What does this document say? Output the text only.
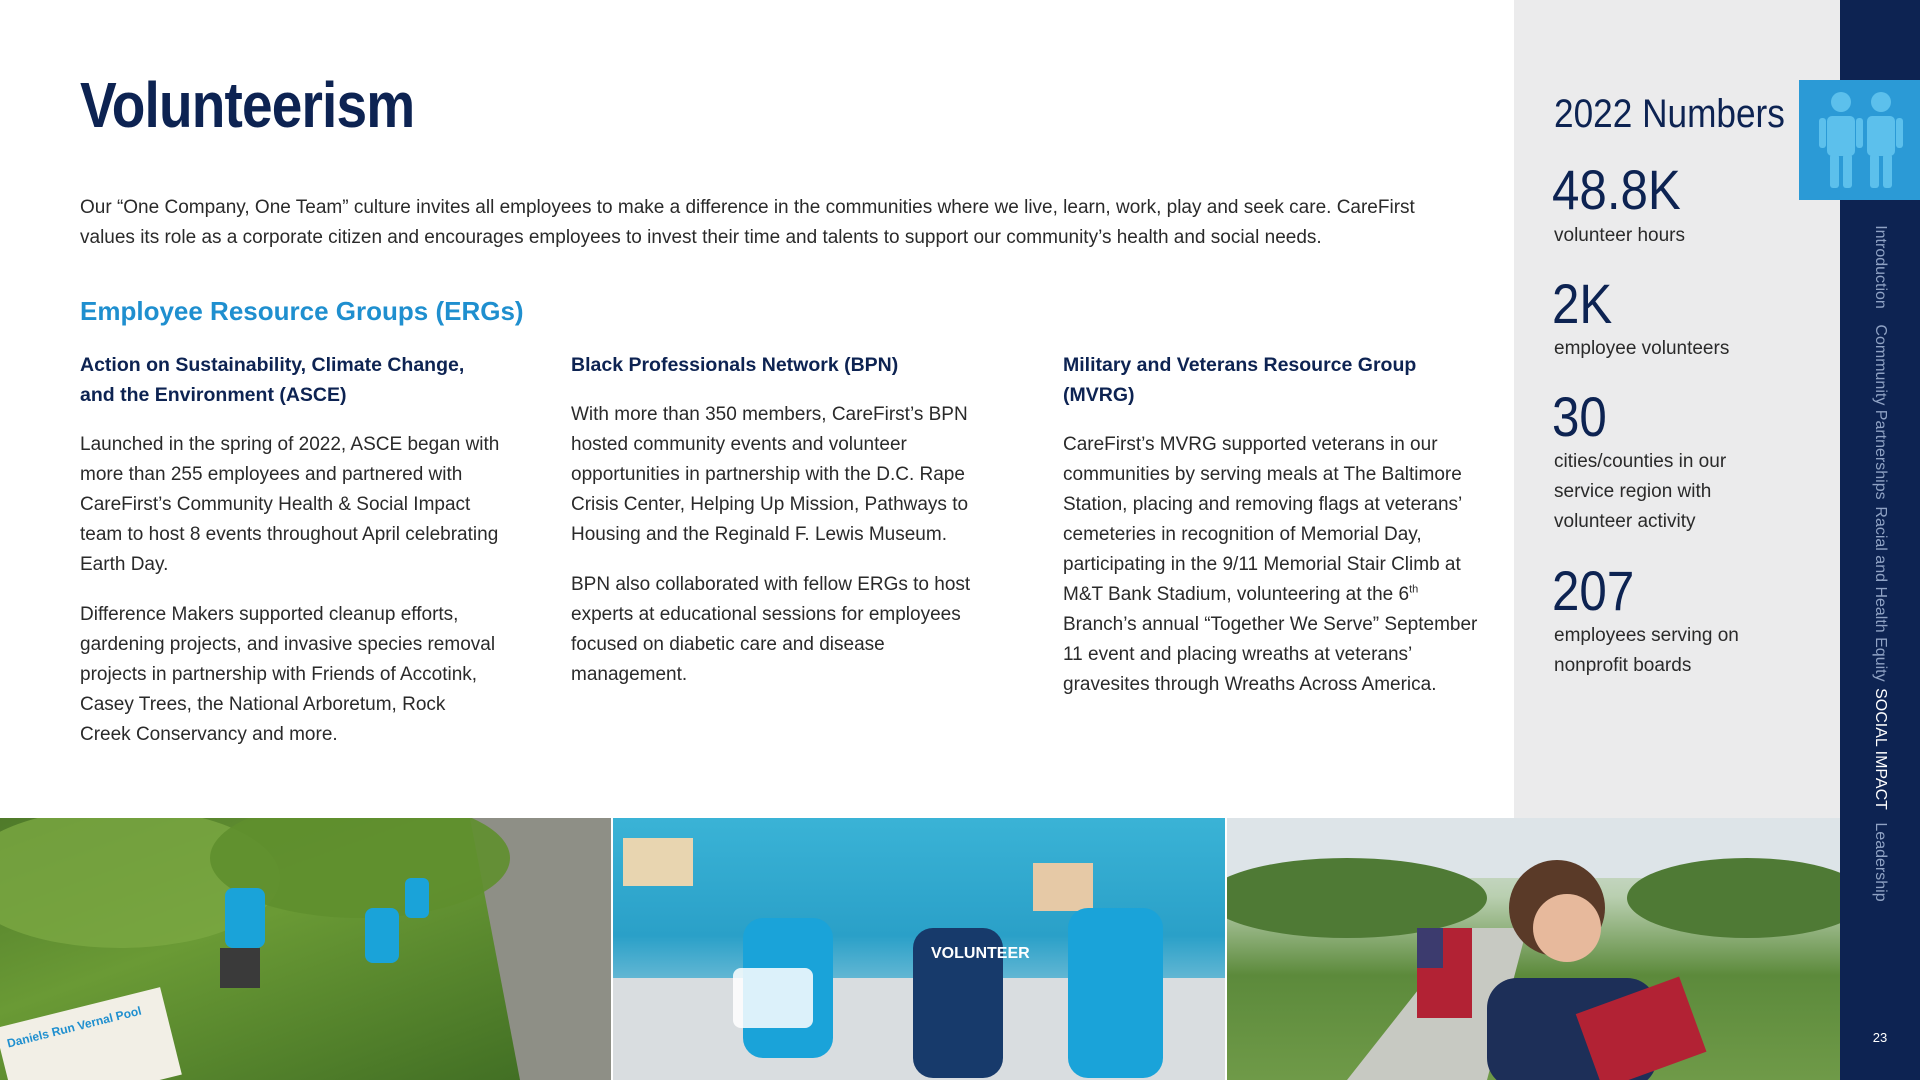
Volunteerism

Our “One Company, One Team” culture invites all employees to make a difference in the communities where we live, learn, work, play and seek care. CareFirst values its role as a corporate citizen and encourages employees to invest their time and talents to support our community’s health and social needs.

Employee Resource Groups (ERGs)
Action on Sustainability, Climate Change, and the Environment (ASCE)

Launched in the spring of 2022, ASCE began with more than 255 employees and partnered with CareFirst’s Community Health & Social Impact team to host 8 events throughout April celebrating Earth Day.

Difference Makers supported cleanup efforts, gardening projects, and invasive species removal projects in partnership with Friends of Accotink, Casey Trees, the National Arboretum, Rock Creek Conservancy and more.

Black Professionals Network (BPN)

With more than 350 members, CareFirst’s BPN hosted community events and volunteer opportunities in partnership with the D.C. Rape Crisis Center, Helping Up Mission, Pathways to Housing and the Reginald F. Lewis Museum.

BPN also collaborated with fellow ERGs to host experts at educational sessions for employees focused on diabetic care and disease management.

Military and Veterans Resource Group (MVRG)

CareFirst’s MVRG supported veterans in our communities by serving meals at The Baltimore Station, placing and removing flags at veterans’ cemeteries in recognition of Memorial Day, participating in the 9/11 Memorial Stair Climb at M&T Bank Stadium, volunteering at the 6th Branch’s annual “Together We Serve” September 11 event and placing wreaths at veterans’ gravesites through Wreaths Across America.

2022 Numbers
48.8K
volunteer hours
2K
employee volunteers
30
cities/counties in our service region with volunteer activity
207
employees serving on nonprofit boards
Introduction
Community Partnerships
Racial and Health Equity
SOCIAL IMPACT
Leadership
23
Daniels Run Vernal Pool
VOLUNTEER
